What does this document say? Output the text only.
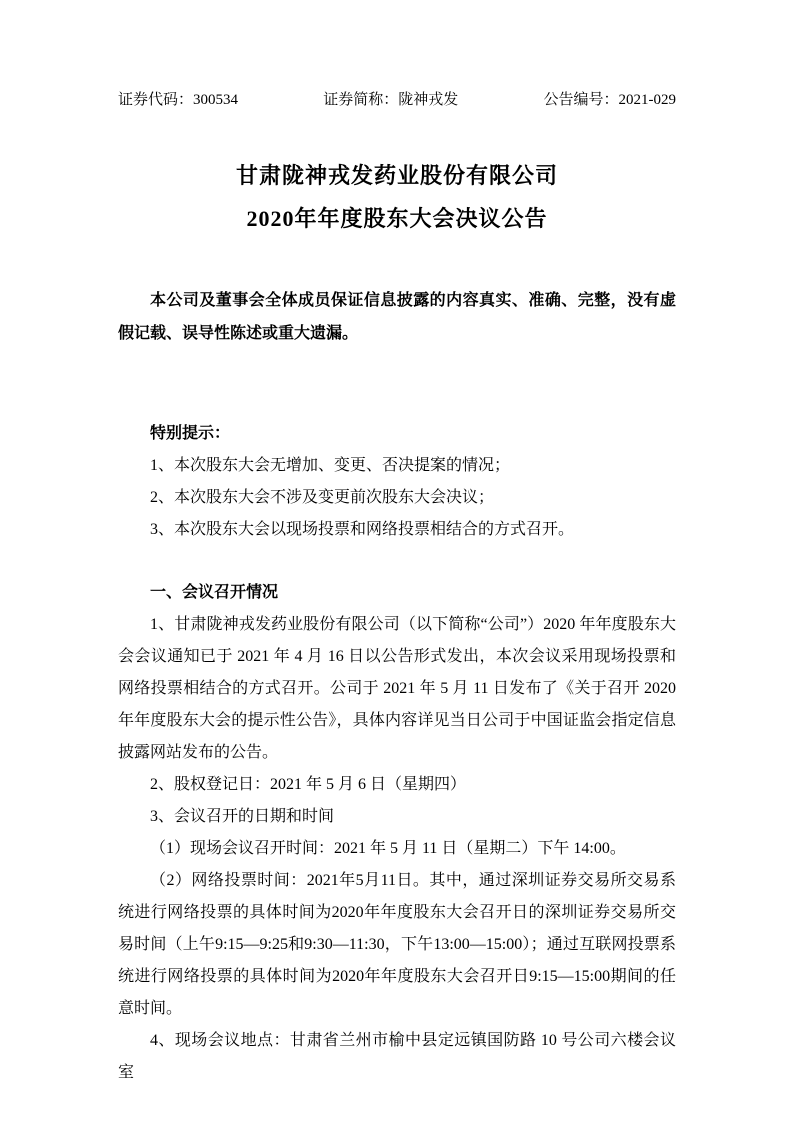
证券代码：300534	证券简称：陇神戎发	公告编号：2021-029
甘肃陇神戎发药业股份有限公司
2020年年度股东大会决议公告

本公司及董事会全体成员保证信息披露的内容真实、准确、完整，没有虚假记载、误导性陈述或重大遗漏。

特别提示：

1、本次股东大会无增加、变更、否决提案的情况；

2、本次股东大会不涉及变更前次股东大会决议；

3、本次股东大会以现场投票和网络投票相结合的方式召开。

一、会议召开情况

1、甘肃陇神戎发药业股份有限公司（以下简称“公司”）2020 年年度股东大会会议通知已于 2021 年 4 月 16 日以公告形式发出，本次会议采用现场投票和网络投票相结合的方式召开。公司于 2021 年 5 月 11 日发布了《关于召开 2020 年年度股东大会的提示性公告》，具体内容详见当日公司于中国证监会指定信息披露网站发布的公告。

2、股权登记日：2021 年 5 月 6 日（星期四）

3、会议召开的日期和时间

（1）现场会议召开时间：2021 年 5 月 11 日（星期二）下午 14:00。

（2）网络投票时间：2021年5月11日。其中，通过深圳证券交易所交易系统进行网络投票的具体时间为2020年年度股东大会召开日的深圳证券交易所交易时间（上午9:15—9:25和9:30—11:30，下午13:00—15:00）；通过互联网投票系统进行网络投票的具体时间为2020年年度股东大会召开日9:15—15:00期间的任意时间。

4、现场会议地点：甘肃省兰州市榆中县定远镇国防路 10 号公司六楼会议室
